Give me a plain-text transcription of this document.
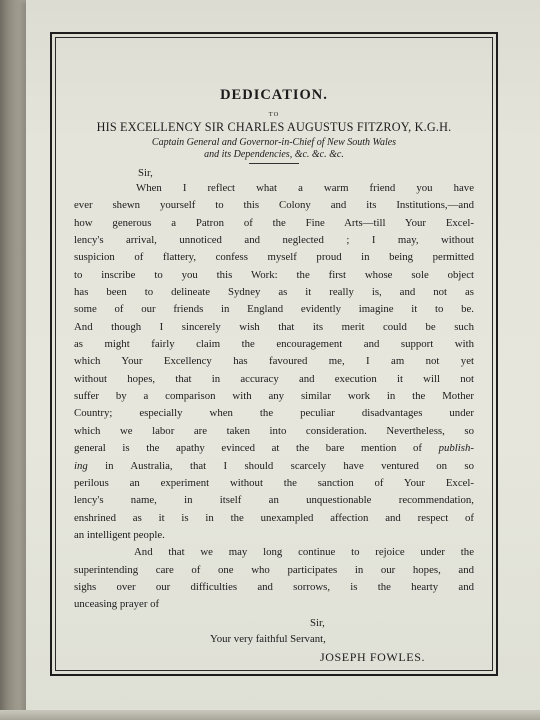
DEDICATION.
TO
HIS EXCELLENCY SIR CHARLES AUGUSTUS FITZROY, K.G.H.
Captain General and Governor-in-Chief of New South Wales
and its Dependencies, &c. &c. &c.
Sir,
When I reflect what a warm friend you have
ever shewn yourself to this Colony and its Institutions,—and
how generous a Patron of the Fine Arts—till Your Excel-
lency's arrival, unnoticed and neglected ; I may, without
suspicion of flattery, confess myself proud in being permitted
to inscribe to you this Work: the first whose sole object
has been to delineate Sydney as it really is, and not as
some of our friends in England evidently imagine it to be.
And though I sincerely wish that its merit could be such
as might fairly claim the encouragement and support with
which Your Excellency has favoured me, I am not yet
without hopes, that in accuracy and execution it will not
suffer by a comparison with any similar work in the Mother
Country; especially when the peculiar disadvantages under
which we labor are taken into consideration. Nevertheless, so
general is the apathy evinced at the bare mention of publish-
ing in Australia, that I should scarcely have ventured on so
perilous an experiment without the sanction of Your Excel-
lency's name, in itself an unquestionable recommendation,
enshrined as it is in the unexampled affection and respect of
an intelligent people.
And that we may long continue to rejoice under the
superintending care of one who participates in our hopes, and
sighs over our difficulties and sorrows, is the hearty and
unceasing prayer of
Sir,
Your very faithful Servant,
JOSEPH FOWLES.
